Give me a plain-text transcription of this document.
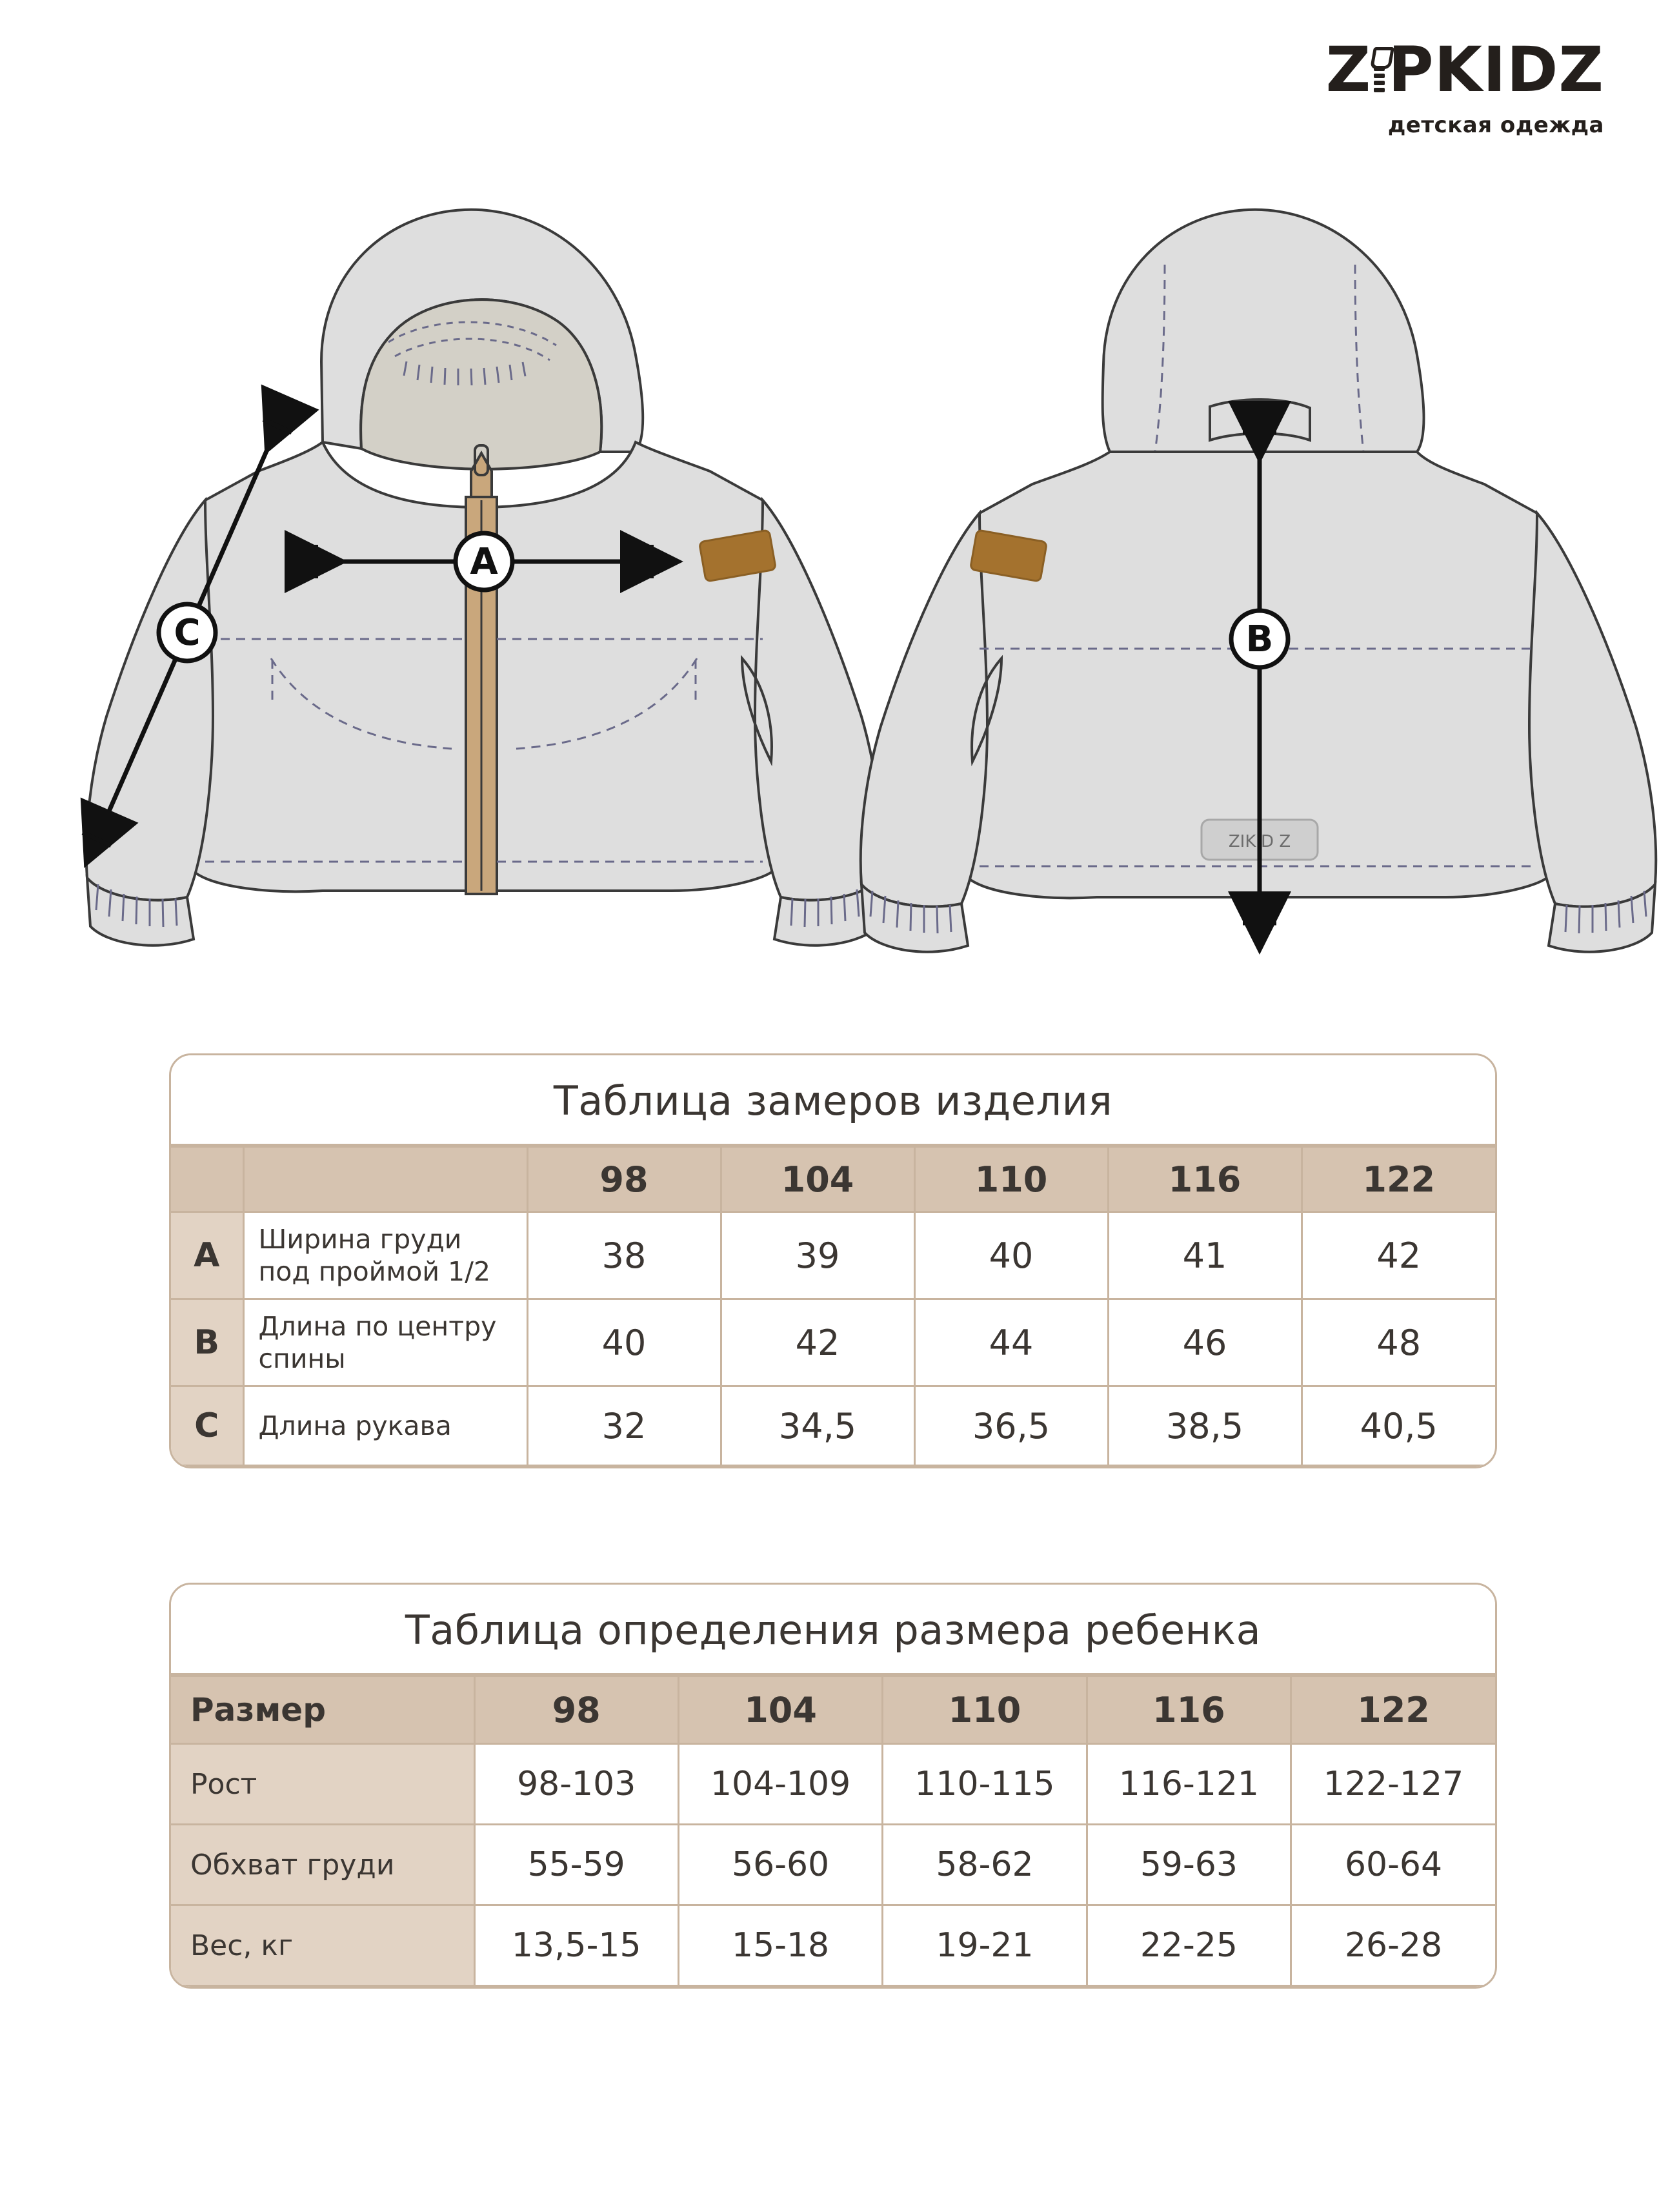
Z PKIDZ
детская одежда
ZIKID Z
A
C	B
Таблица замеров изделия
		98	104	110	116	122
A	Ширина груди под проймой 1/2	38	39	40	41	42
B	Длина по центру спины	40	42	44	46	48
C	Длина рукава	32	34,5	36,5	38,5	40,5
Таблица определения размера ребенка
Размер	98	104	110	116	122
Рост	98-103	104-109	110-115	116-121	122-127
Обхват груди	55-59	56-60	58-62	59-63	60-64
Вес, кг	13,5-15	15-18	19-21	22-25	26-28
